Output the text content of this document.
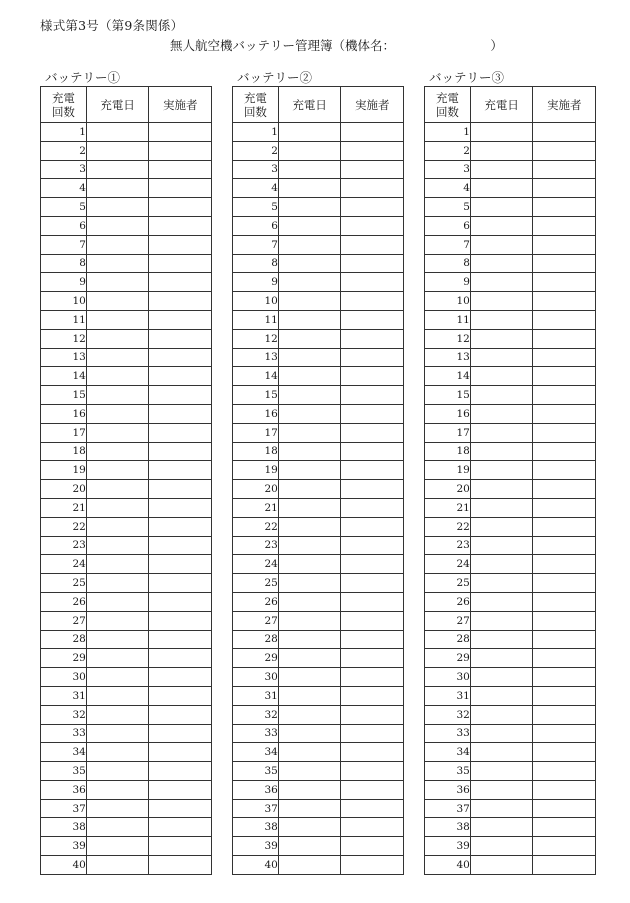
様式第3号（第9条関係）
無人航空機バッテリー管理簿（機体名：                        ）
バッテリー①
充電
回数	充電日	実施者
1		
2		
3		
4		
5		
6		
7		
8		
9		
10		
11		
12		
13		
14		
15		
16		
17		
18		
19		
20		
21		
22		
23		
24		
25		
26		
27		
28		
29		
30		
31		
32		
33		
34		
35		
36		
37		
38		
39		
40		
バッテリー②
充電
回数	充電日	実施者
1		
2		
3		
4		
5		
6		
7		
8		
9		
10		
11		
12		
13		
14		
15		
16		
17		
18		
19		
20		
21		
22		
23		
24		
25		
26		
27		
28		
29		
30		
31		
32		
33		
34		
35		
36		
37		
38		
39		
40		
バッテリー③
充電
回数	充電日	実施者
1		
2		
3		
4		
5		
6		
7		
8		
9		
10		
11		
12		
13		
14		
15		
16		
17		
18		
19		
20		
21		
22		
23		
24		
25		
26		
27		
28		
29		
30		
31		
32		
33		
34		
35		
36		
37		
38		
39		
40		
